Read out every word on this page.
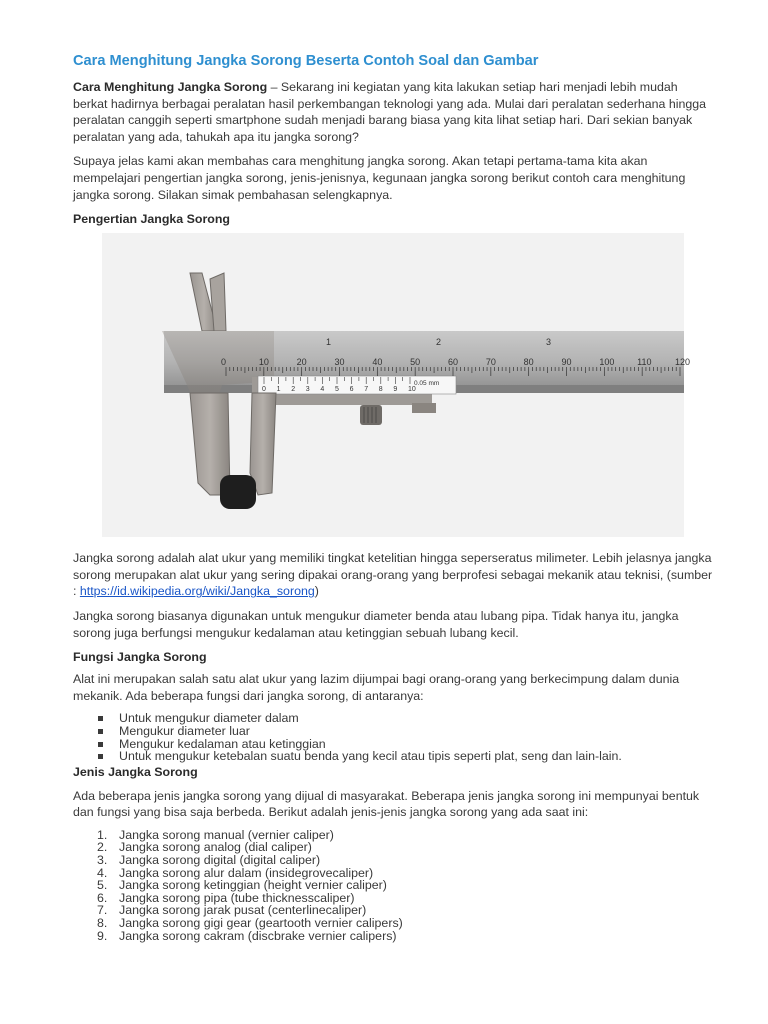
Cara Menghitung Jangka Sorong Beserta Contoh Soal dan Gambar

Cara Menghitung Jangka Sorong – Sekarang ini kegiatan yang kita lakukan setiap hari menjadi lebih mudah berkat hadirnya berbagai peralatan hasil perkembangan teknologi yang ada. Mulai dari peralatan sederhana hingga peralatan canggih seperti smartphone sudah menjadi barang biasa yang kita lihat setiap hari. Dari sekian banyak peralatan yang ada, tahukah apa itu jangka sorong?

Supaya jelas kami akan membahas cara menghitung jangka sorong. Akan tetapi pertama-tama kita akan mempelajari pengertian jangka sorong, jenis-jenisnya, kegunaan jangka sorong berikut contoh cara menghitung jangka sorong. Silakan simak pembahasan selengkapnya.

Pengertian Jangka Sorong
0	10	20	30	40	50	60	70	80	90	100	110	120
1	2	3
0 1 2 3 4 5 6 7 8 9 10
0.05 mm

Jangka sorong adalah alat ukur yang memiliki tingkat ketelitian hingga seperseratus milimeter. Lebih jelasnya jangka sorong merupakan alat ukur yang sering dipakai orang-orang yang berprofesi sebagai mekanik atau teknisi, (sumber : https://id.wikipedia.org/wiki/Jangka_sorong)

Jangka sorong biasanya digunakan untuk mengukur diameter benda atau lubang pipa. Tidak hanya itu, jangka sorong juga berfungsi mengukur kedalaman atau ketinggian sebuah lubang kecil.

Fungsi Jangka Sorong

Alat ini merupakan salah satu alat ukur yang lazim dijumpai bagi orang-orang yang berkecimpung dalam dunia mekanik. Ada beberapa fungsi dari jangka sorong, di antaranya:

Untuk mengukur diameter dalam
Mengukur diameter luar
Mengukur kedalaman atau ketinggian
Untuk mengukur ketebalan suatu benda yang kecil atau tipis seperti plat, seng dan lain-lain.
Jenis Jangka Sorong

Ada beberapa jenis jangka sorong yang dijual di masyarakat. Beberapa jenis jangka sorong ini mempunyai bentuk dan fungsi yang bisa saja berbeda. Berikut adalah jenis-jenis jangka sorong yang ada saat ini:

1. Jangka sorong manual (vernier caliper)
2. Jangka sorong analog (dial caliper)
3. Jangka sorong digital (digital caliper)
4. Jangka sorong alur dalam (insidegrovecaliper)
5. Jangka sorong ketinggian (height vernier caliper)
6. Jangka sorong pipa (tube thicknesscaliper)
7. Jangka sorong jarak pusat (centerlinecaliper)
8. Jangka sorong gigi gear (geartooth vernier calipers)
9. Jangka sorong cakram (discbrake vernier calipers)
